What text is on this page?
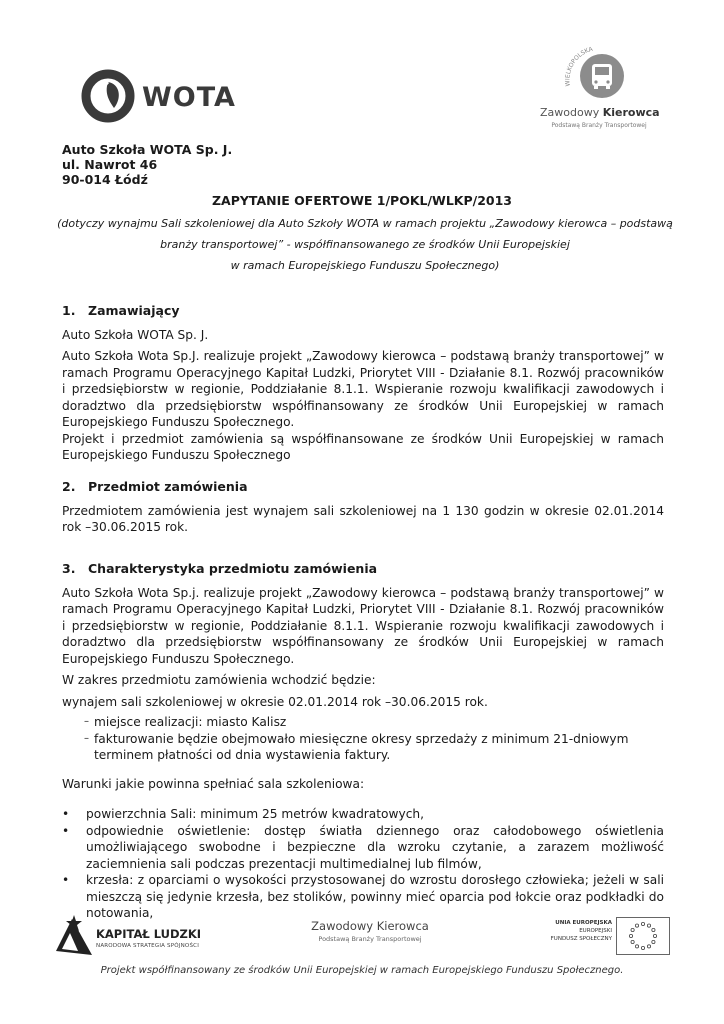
WOTA	WIELKOPOLSKA
Zawodowy Kierowca
Podstawą Branży Transportowej
Auto Szkoła WOTA Sp. J.
ul. Nawrot 46
90-014 Łódź
ZAPYTANIE OFERTOWE 1/POKL/WLKP/2013
(dotyczy wynajmu Sali szkoleniowej dla Auto Szkoły WOTA w ramach projektu „Zawodowy kierowca – podstawą
branży transportowej” - współfinansowanego ze środków Unii Europejskiej
w ramach Europejskiego Funduszu Społecznego)
1. Zamawiający
Auto Szkoła WOTA Sp. J.
Auto Szkoła Wota Sp.J. realizuje projekt „Zawodowy kierowca – podstawą branży transportowej” w ramach Programu Operacyjnego Kapitał Ludzki, Priorytet VIII - Działanie 8.1. Rozwój pracowników i przedsiębiorstw w regionie, Poddziałanie 8.1.1. Wspieranie rozwoju kwalifikacji zawodowych i doradztwo dla przedsiębiorstw współfinansowany ze środków Unii Europejskiej w ramach Europejskiego Funduszu Społecznego.
Projekt i przedmiot zamówienia są współfinansowane ze środków Unii Europejskiej w ramach Europejskiego Funduszu Społecznego
2. Przedmiot zamówienia
Przedmiotem zamówienia jest wynajem sali szkoleniowej na 1 130 godzin w okresie 02.01.2014 rok –30.06.2015 rok.
3. Charakterystyka przedmiotu zamówienia
Auto Szkoła Wota Sp.j. realizuje projekt „Zawodowy kierowca – podstawą branży transportowej” w ramach Programu Operacyjnego Kapitał Ludzki, Priorytet VIII - Działanie 8.1. Rozwój pracowników i przedsiębiorstw w regionie, Poddziałanie 8.1.1. Wspieranie rozwoju kwalifikacji zawodowych i doradztwo dla przedsiębiorstw współfinansowany ze środków Unii Europejskiej w ramach Europejskiego Funduszu Społecznego.
W zakres przedmiotu zamówienia wchodzić będzie:
wynajem sali szkoleniowej w okresie 02.01.2014 rok –30.06.2015 rok.
– miejsce realizacji: miasto Kalisz
– fakturowanie będzie obejmowało miesięczne okresy sprzedaży z minimum 21-dniowym terminem płatności od dnia wystawienia faktury.
Warunki jakie powinna spełniać sala szkoleniowa:
• powierzchnia Sali: minimum 25 metrów kwadratowych,
• odpowiednie oświetlenie: dostęp światła dziennego oraz całodobowego oświetlenia umożliwiającego swobodne i bezpieczne dla wzroku czytanie, a zarazem możliwość zaciemnienia sali podczas prezentacji multimedialnej lub filmów,
• krzesła: z oparciami o wysokości przystosowanej do wzrostu dorosłego człowieka; jeżeli w sali mieszczą się jedynie krzesła, bez stolików, powinny mieć oparcia pod łokcie oraz podkładki do notowania,
KAPITAŁ LUDZKI
NARODOWA STRATEGIA SPÓJNOŚCI
Zawodowy Kierowca
Podstawą Branży Transportowej
UNIA EUROPEJSKA
EUROPEJSKI
FUNDUSZ SPOŁECZNY
Projekt współfinansowany ze środków Unii Europejskiej w ramach Europejskiego Funduszu Społecznego.
